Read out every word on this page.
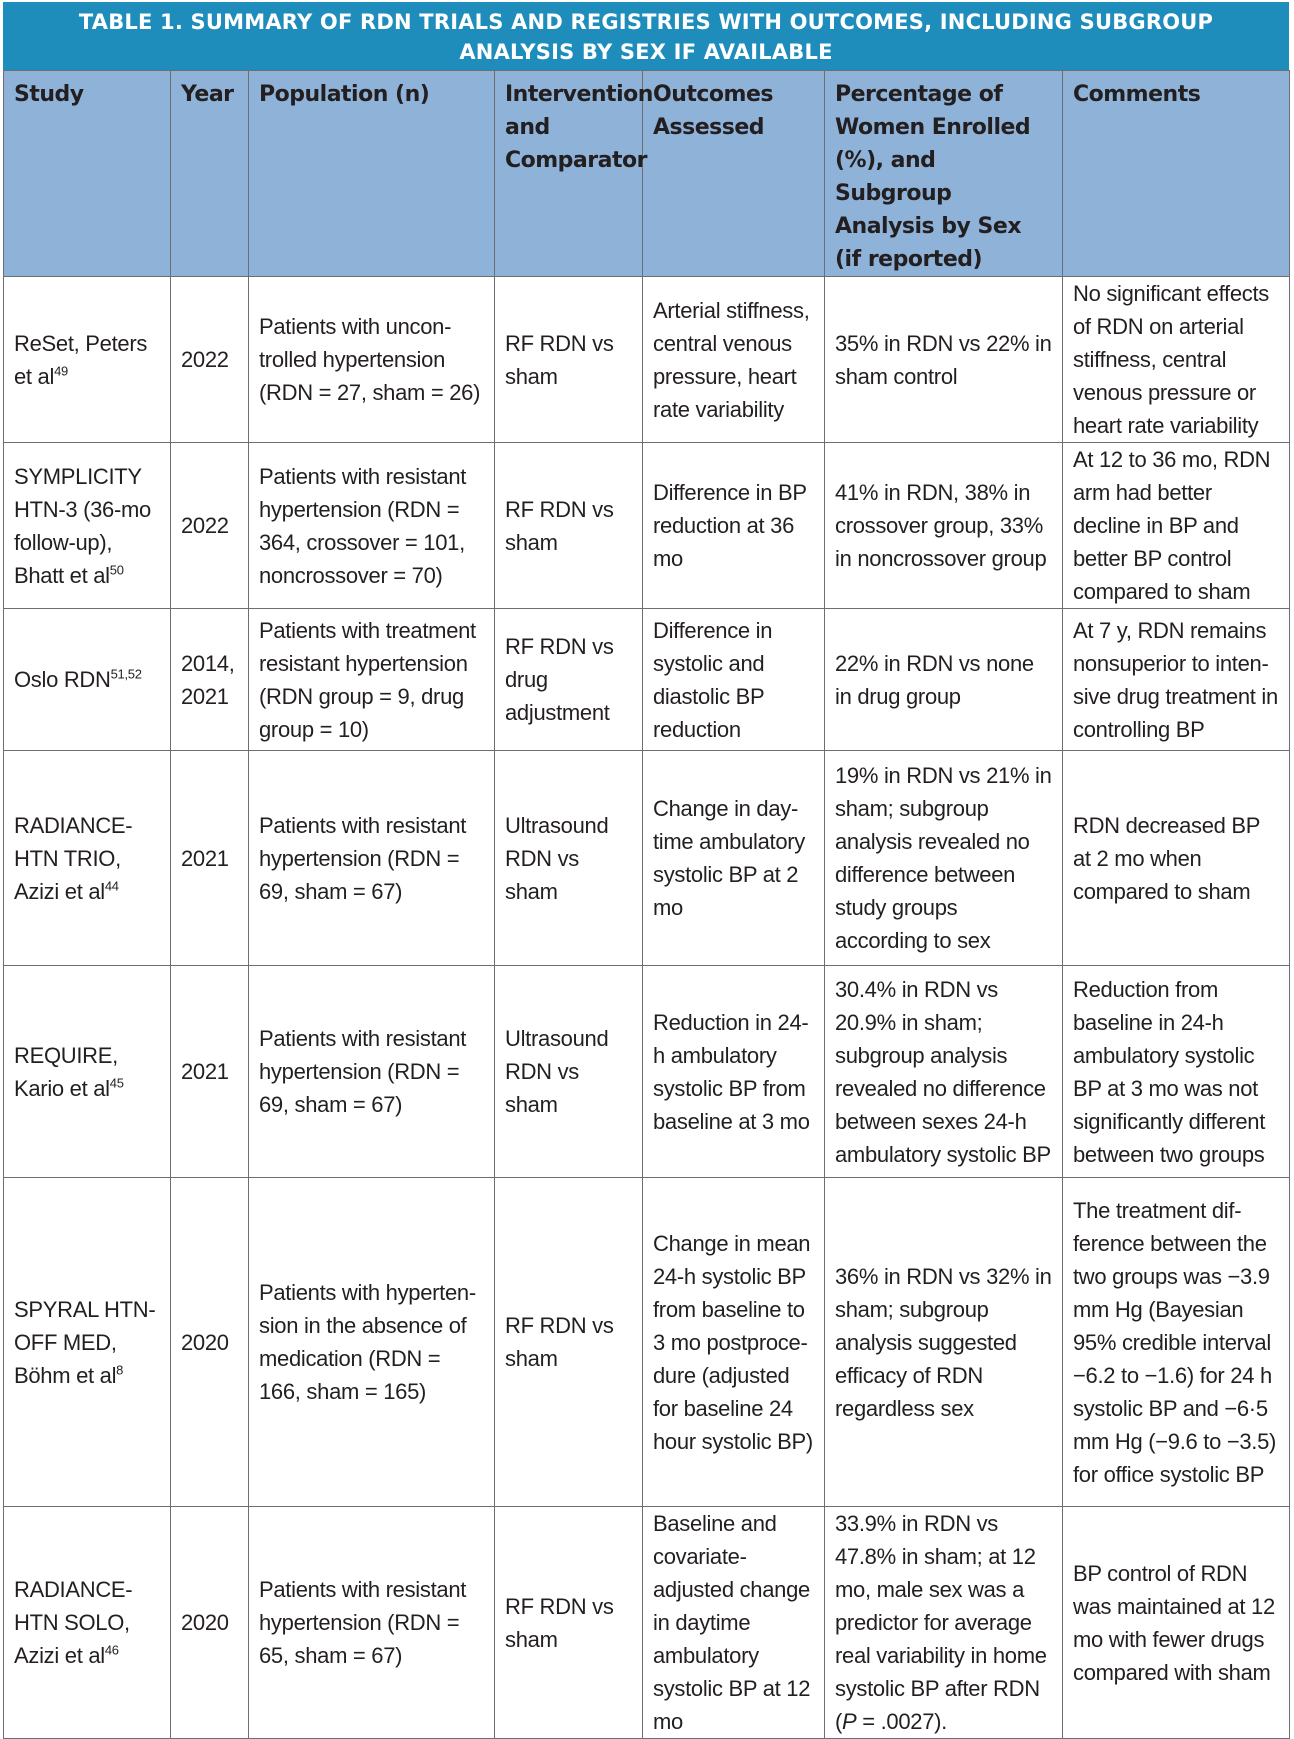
TABLE 1. SUMMARY OF RDN TRIALS AND REGISTRIES WITH OUTCOMES, INCLUDING SUBGROUP ANALYSIS BY SEX IF AVAILABLE
Study	Year	Population (n)	Intervention and Comparator	Outcomes Assessed	Percentage of Women Enrolled (%), and Subgroup Analysis by Sex (if reported)	Comments
ReSet, Peters et $al^{49}$	2022	Patients with uncontrolled hypertension (RDN = 27, sham = 26)	RF RDN vs sham	Arterial stiffness, central venous pressure, heart rate variability	35% in RDN vs 22% in sham control	No significant effects of RDN on arterial stiffness, central venous pressure or heart rate variability
SYMPLICITY HTN-3 (36-mo follow-up), Bhatt et $al^{50}$	2022	Patients with resistant hypertension (RDN = 364, crossover = 101, noncrossover = 70)	RF RDN vs sham	Difference in BP reduction at 36 mo	41% in RDN, 38% in crossover group, 33% in noncrossover group	At 12 to 36 mo, RDN arm had better decline in BP and better BP control compared to sham
Oslo RDN$^{51,52}$	2014, 2021	Patients with treatment resistant hypertension (RDN group = 9, drug group = 10)	RF RDN vs drug adjustment	Difference in systolic and diastolic BP reduction	22% in RDN vs none in drug group	At 7 y, RDN remains nonsuperior to intensive drug treatment in controlling BP
RADIANCE-HTN TRIO, Azizi et $al^{44}$	2021	Patients with resistant hypertension (RDN = 69, sham = 67)	Ultrasound RDN vs sham	Change in daytime ambulatory systolic BP at 2 mo	19% in RDN vs 21% in sham; subgroup analysis revealed no difference between study groups according to sex	RDN decreased BP at 2 mo when compared to sham
REQUIRE, Kario et $al^{45}$	2021	Patients with resistant hypertension (RDN = 69, sham = 67)	Ultrasound RDN vs sham	Reduction in 24-h ambulatory systolic BP from baseline at 3 mo	30.4% in RDN vs 20.9% in sham; subgroup analysis revealed no difference between sexes 24-h ambulatory systolic BP	Reduction from baseline in 24-h ambulatory systolic BP at 3 mo was not significantly different between two groups
SPYRAL HTN-OFF MED, Böhm et $al^8$	2020	Patients with hypertension in the absence of medication (RDN = 166, sham = 165)	RF RDN vs sham	Change in mean 24-h systolic BP from baseline to 3 mo postprocedure (adjusted for baseline 24 hour systolic BP)	36% in RDN vs 32% in sham; subgroup analysis suggested efficacy of RDN regardless sex	The treatment difference between the two groups was −3.9 mm Hg (Bayesian 95% credible interval −6.2 to −1.6) for 24 h systolic BP and −6·5 mm Hg (−9.6 to −3.5) for office systolic BP
RADIANCE-HTN SOLO, Azizi et $al^{46}$	2020	Patients with resistant hypertension (RDN = 65, sham = 67)	RF RDN vs sham	Baseline and covariate-adjusted change in daytime ambulatory systolic BP at 12 mo	33.9% in RDN vs 47.8% in sham; at 12 mo, male sex was a predictor for average real variability in home systolic BP after RDN (P = .0027).	BP control of RDN was maintained at 12 mo with fewer drugs compared with sham
